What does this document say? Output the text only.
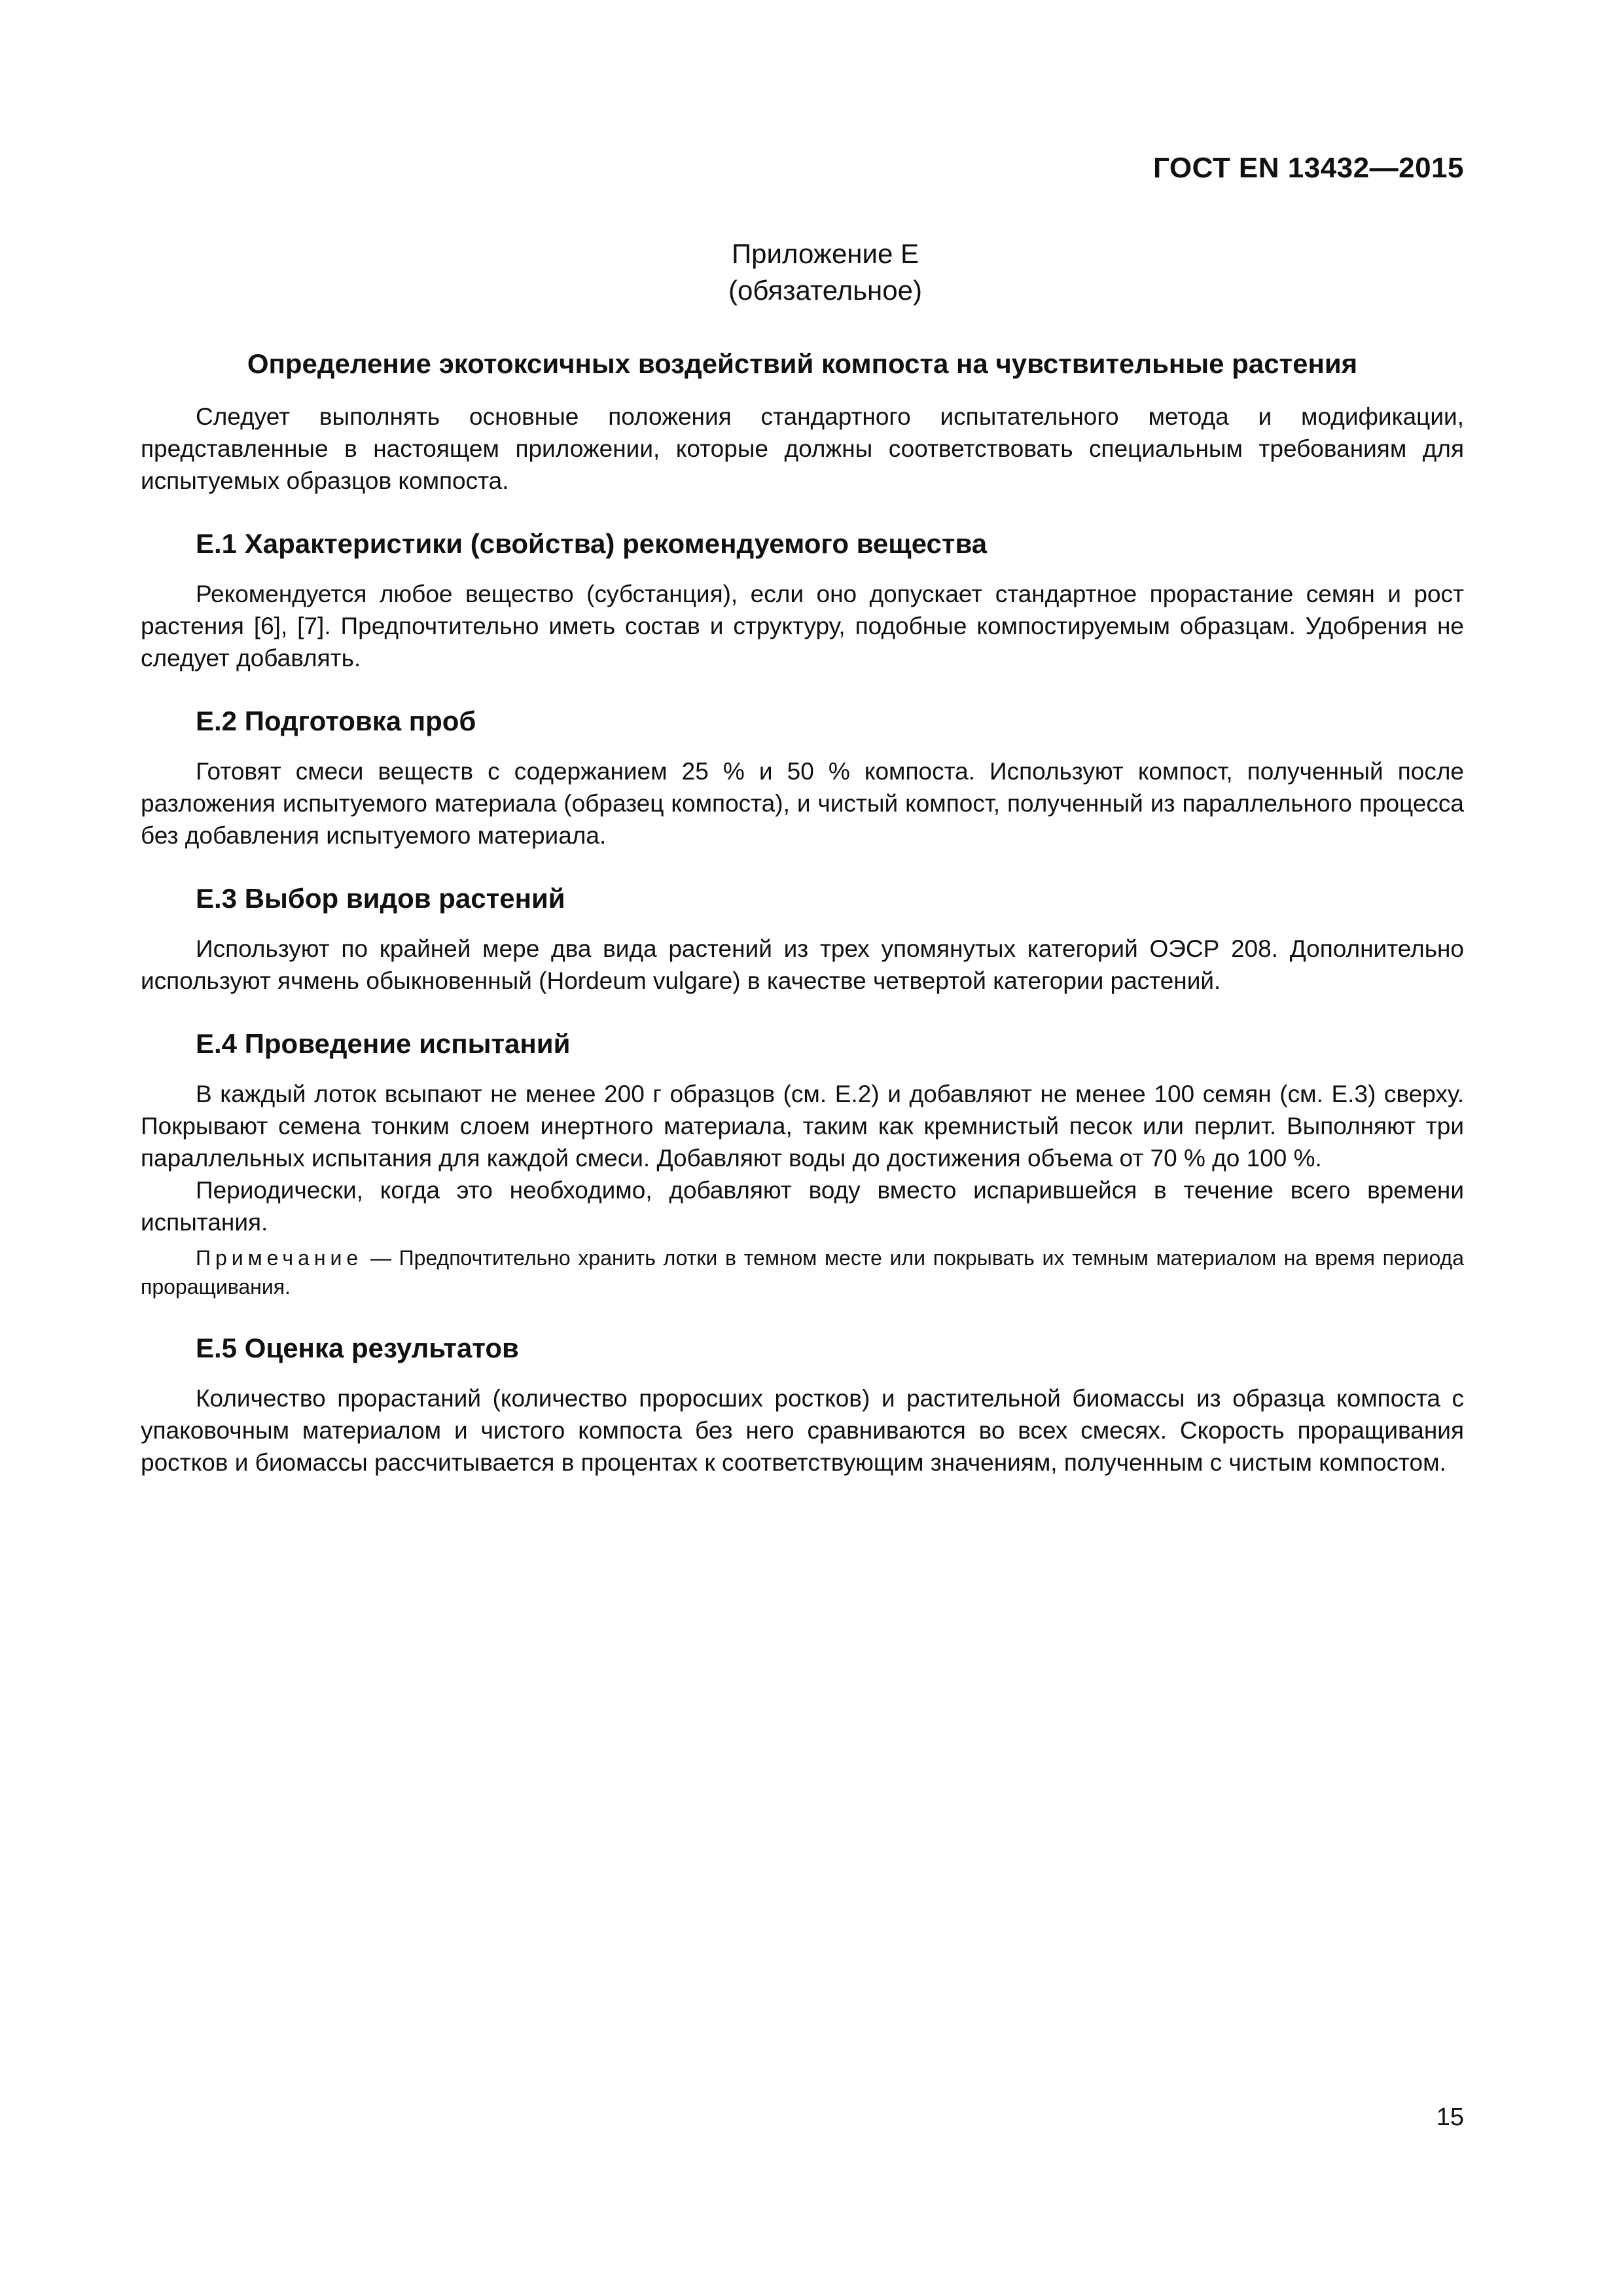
ГОСТ EN 13432—2015
Приложение Е
(обязательное)
Определение экотоксичных воздействий компоста на чувствительные растения

Следует выполнять основные положения стандартного испытательного метода и модификации, представленные в настоящем приложении, которые должны соответствовать специальным требованиям для испытуемых образцов компоста.

Е.1 Характеристики (свойства) рекомендуемого вещества

Рекомендуется любое вещество (субстанция), если оно допускает стандартное прорастание семян и рост растения [6], [7]. Предпочтительно иметь состав и структуру, подобные компостируемым образцам. Удобрения не следует добавлять.

Е.2 Подготовка проб

Готовят смеси веществ с содержанием 25 % и 50 % компоста. Используют компост, полученный после разложения испытуемого материала (образец компоста), и чистый компост, полученный из параллельного процесса без добавления испытуемого материала.

Е.3 Выбор видов растений

Используют по крайней мере два вида растений из трех упомянутых категорий ОЭСР 208. Дополнительно используют ячмень обыкновенный (Hordeum vulgare) в качестве четвертой категории растений.

Е.4 Проведение испытаний

В каждый лоток всыпают не менее 200 г образцов (см. Е.2) и добавляют не менее 100 семян (см. Е.3) сверху. Покрывают семена тонким слоем инертного материала, таким как кремнистый песок или перлит. Выполняют три параллельных испытания для каждой смеси. Добавляют воды до достижения объема от 70 % до 100 %.

Периодически, когда это необходимо, добавляют воду вместо испарившейся в течение всего времени испытания.

Примечание — Предпочтительно хранить лотки в темном месте или покрывать их темным материалом на время периода проращивания.
Е.5 Оценка результатов

Количество прорастаний (количество проросших ростков) и растительной биомассы из образца компоста с упаковочным материалом и чистого компоста без него сравниваются во всех смесях. Скорость проращивания ростков и биомассы рассчитывается в процентах к соответствующим значениям, полученным с чистым компостом.

15
